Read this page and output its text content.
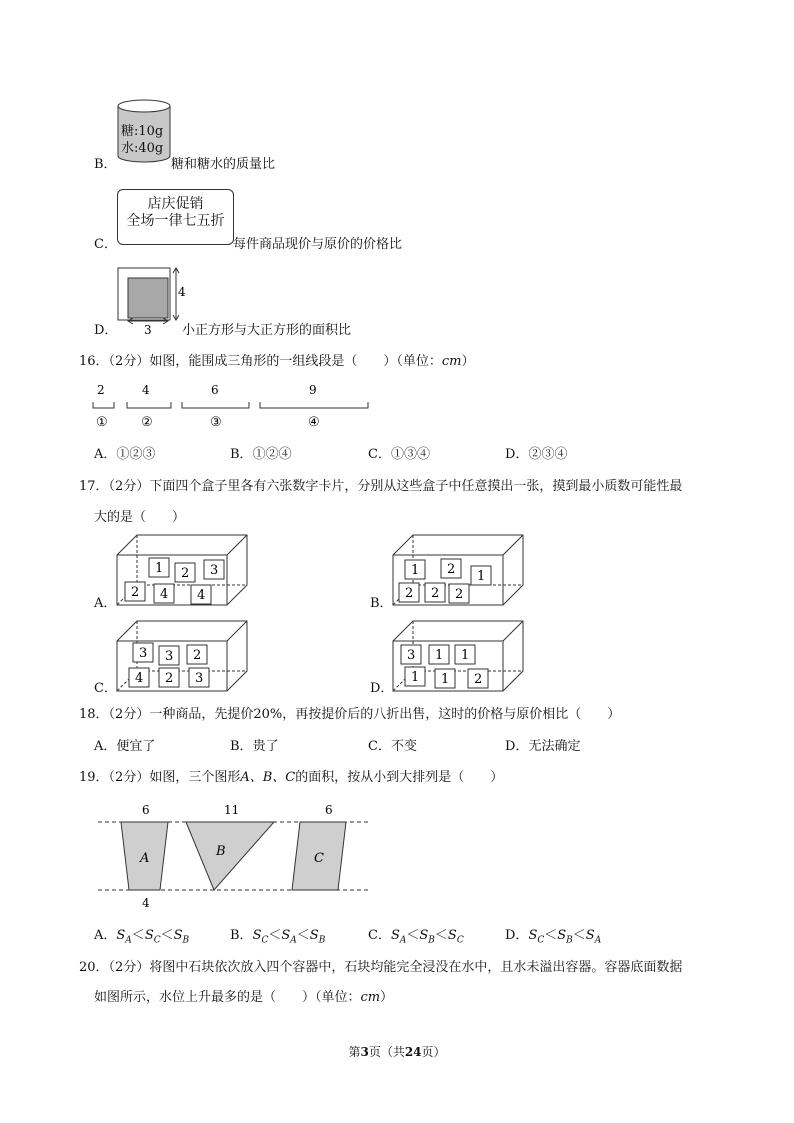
B．
糖:10g
水:40g
糖和糖水的质量比
C．
店庆促销
全场一律七五折
每件商品现价与原价的价格比
D．
4
3 小正方形与大正方形的面积比
16．（2分）如图，能围成三角形的一组线段是（　　）（单位：cm）
2
①
4
②
6
③
9
④
A．①②③	B．①②④	C．①③④	D．②③④
17．（2分）下面四个盒子里各有六张数字卡片，分别从这些盒子中任意摸出一张，摸到最小质数可能性最
大的是（　　）
A．
1 2 3
2 4 4
B．
1 2 1
2 2 2
C．
3 3 2
4 2 3
D．
3 1 1
1 1 2
18．（2分）一种商品，先提价20%，再按提价后的八折出售，这时的价格与原价相比（　　）
A．便宜了	B．贵了	C．不变	D．无法确定
19．（2分）如图，三个图形A、B、C的面积，按从小到大排列是（　　）
6
A
4
11
B
6
C
A．$S_A<S_C<S_B$	B．$S_C<S_A<S_B$	C．$S_A<S_B<S_C$	D．$S_C<S_B<S_A$
20．（2分）将图中石块依次放入四个容器中，石块均能完全浸没在水中，且水未溢出容器。容器底面数据
如图所示，水位上升最多的是（　　）（单位：cm）
第3页（共24页）
